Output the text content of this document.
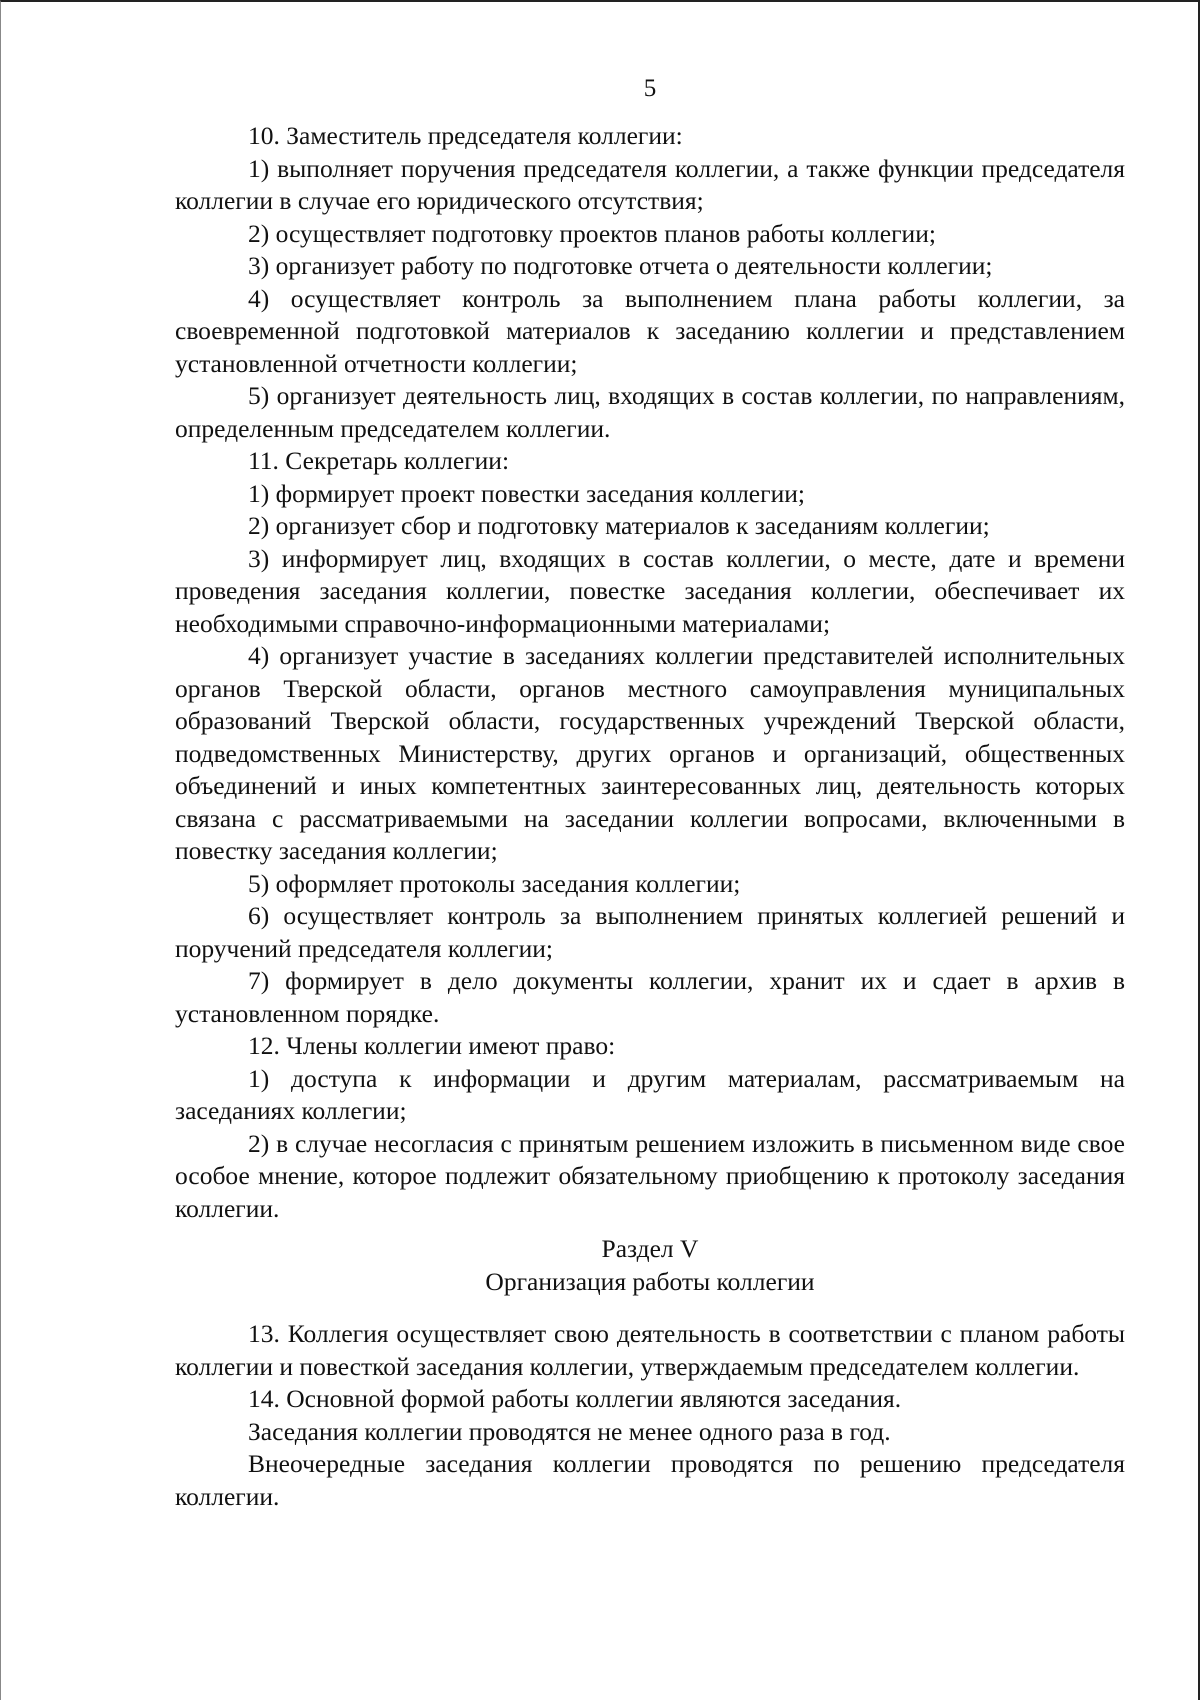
5

10. Заместитель председателя коллегии:

1) выполняет поручения председателя коллегии, а также функции председателя коллегии в случае его юридического отсутствия;

2) осуществляет подготовку проектов планов работы коллегии;

3) организует работу по подготовке отчета о деятельности коллегии;

4) осуществляет контроль за выполнением плана работы коллегии, за своевременной подготовкой материалов к заседанию коллегии и представлением установленной отчетности коллегии;

5) организует деятельность лиц, входящих в состав коллегии, по направлениям, определенным председателем коллегии.

11. Секретарь коллегии:

1) формирует проект повестки заседания коллегии;

2) организует сбор и подготовку материалов к заседаниям коллегии;

3) информирует лиц, входящих в состав коллегии, о месте, дате и времени проведения заседания коллегии, повестке заседания коллегии, обеспечивает их необходимыми справочно-информационными материалами;

4) организует участие в заседаниях коллегии представителей исполнительных органов Тверской области, органов местного самоуправления муниципальных образований Тверской области, государственных учреждений Тверской области, подведомственных Министерству, других органов и организаций, общественных объединений и иных компетентных заинтересованных лиц, деятельность которых связана с рассматриваемыми на заседании коллегии вопросами, включенными в повестку заседания коллегии;

5) оформляет протоколы заседания коллегии;

6) осуществляет контроль за выполнением принятых коллегией решений и поручений председателя коллегии;

7) формирует в дело документы коллегии, хранит их и сдает в архив в установленном порядке.

12. Члены коллегии имеют право:

1) доступа к информации и другим материалам, рассматриваемым на заседаниях коллегии;

2) в случае несогласия с принятым решением изложить в письменном виде свое особое мнение, которое подлежит обязательному приобщению к протоколу заседания коллегии.

Раздел V

Организация работы коллегии

13. Коллегия осуществляет свою деятельность в соответствии с планом работы коллегии и повесткой заседания коллегии, утверждаемым председателем коллегии.

14. Основной формой работы коллегии являются заседания.

Заседания коллегии проводятся не менее одного раза в год.

Внеочередные заседания коллегии проводятся по решению председателя коллегии.
